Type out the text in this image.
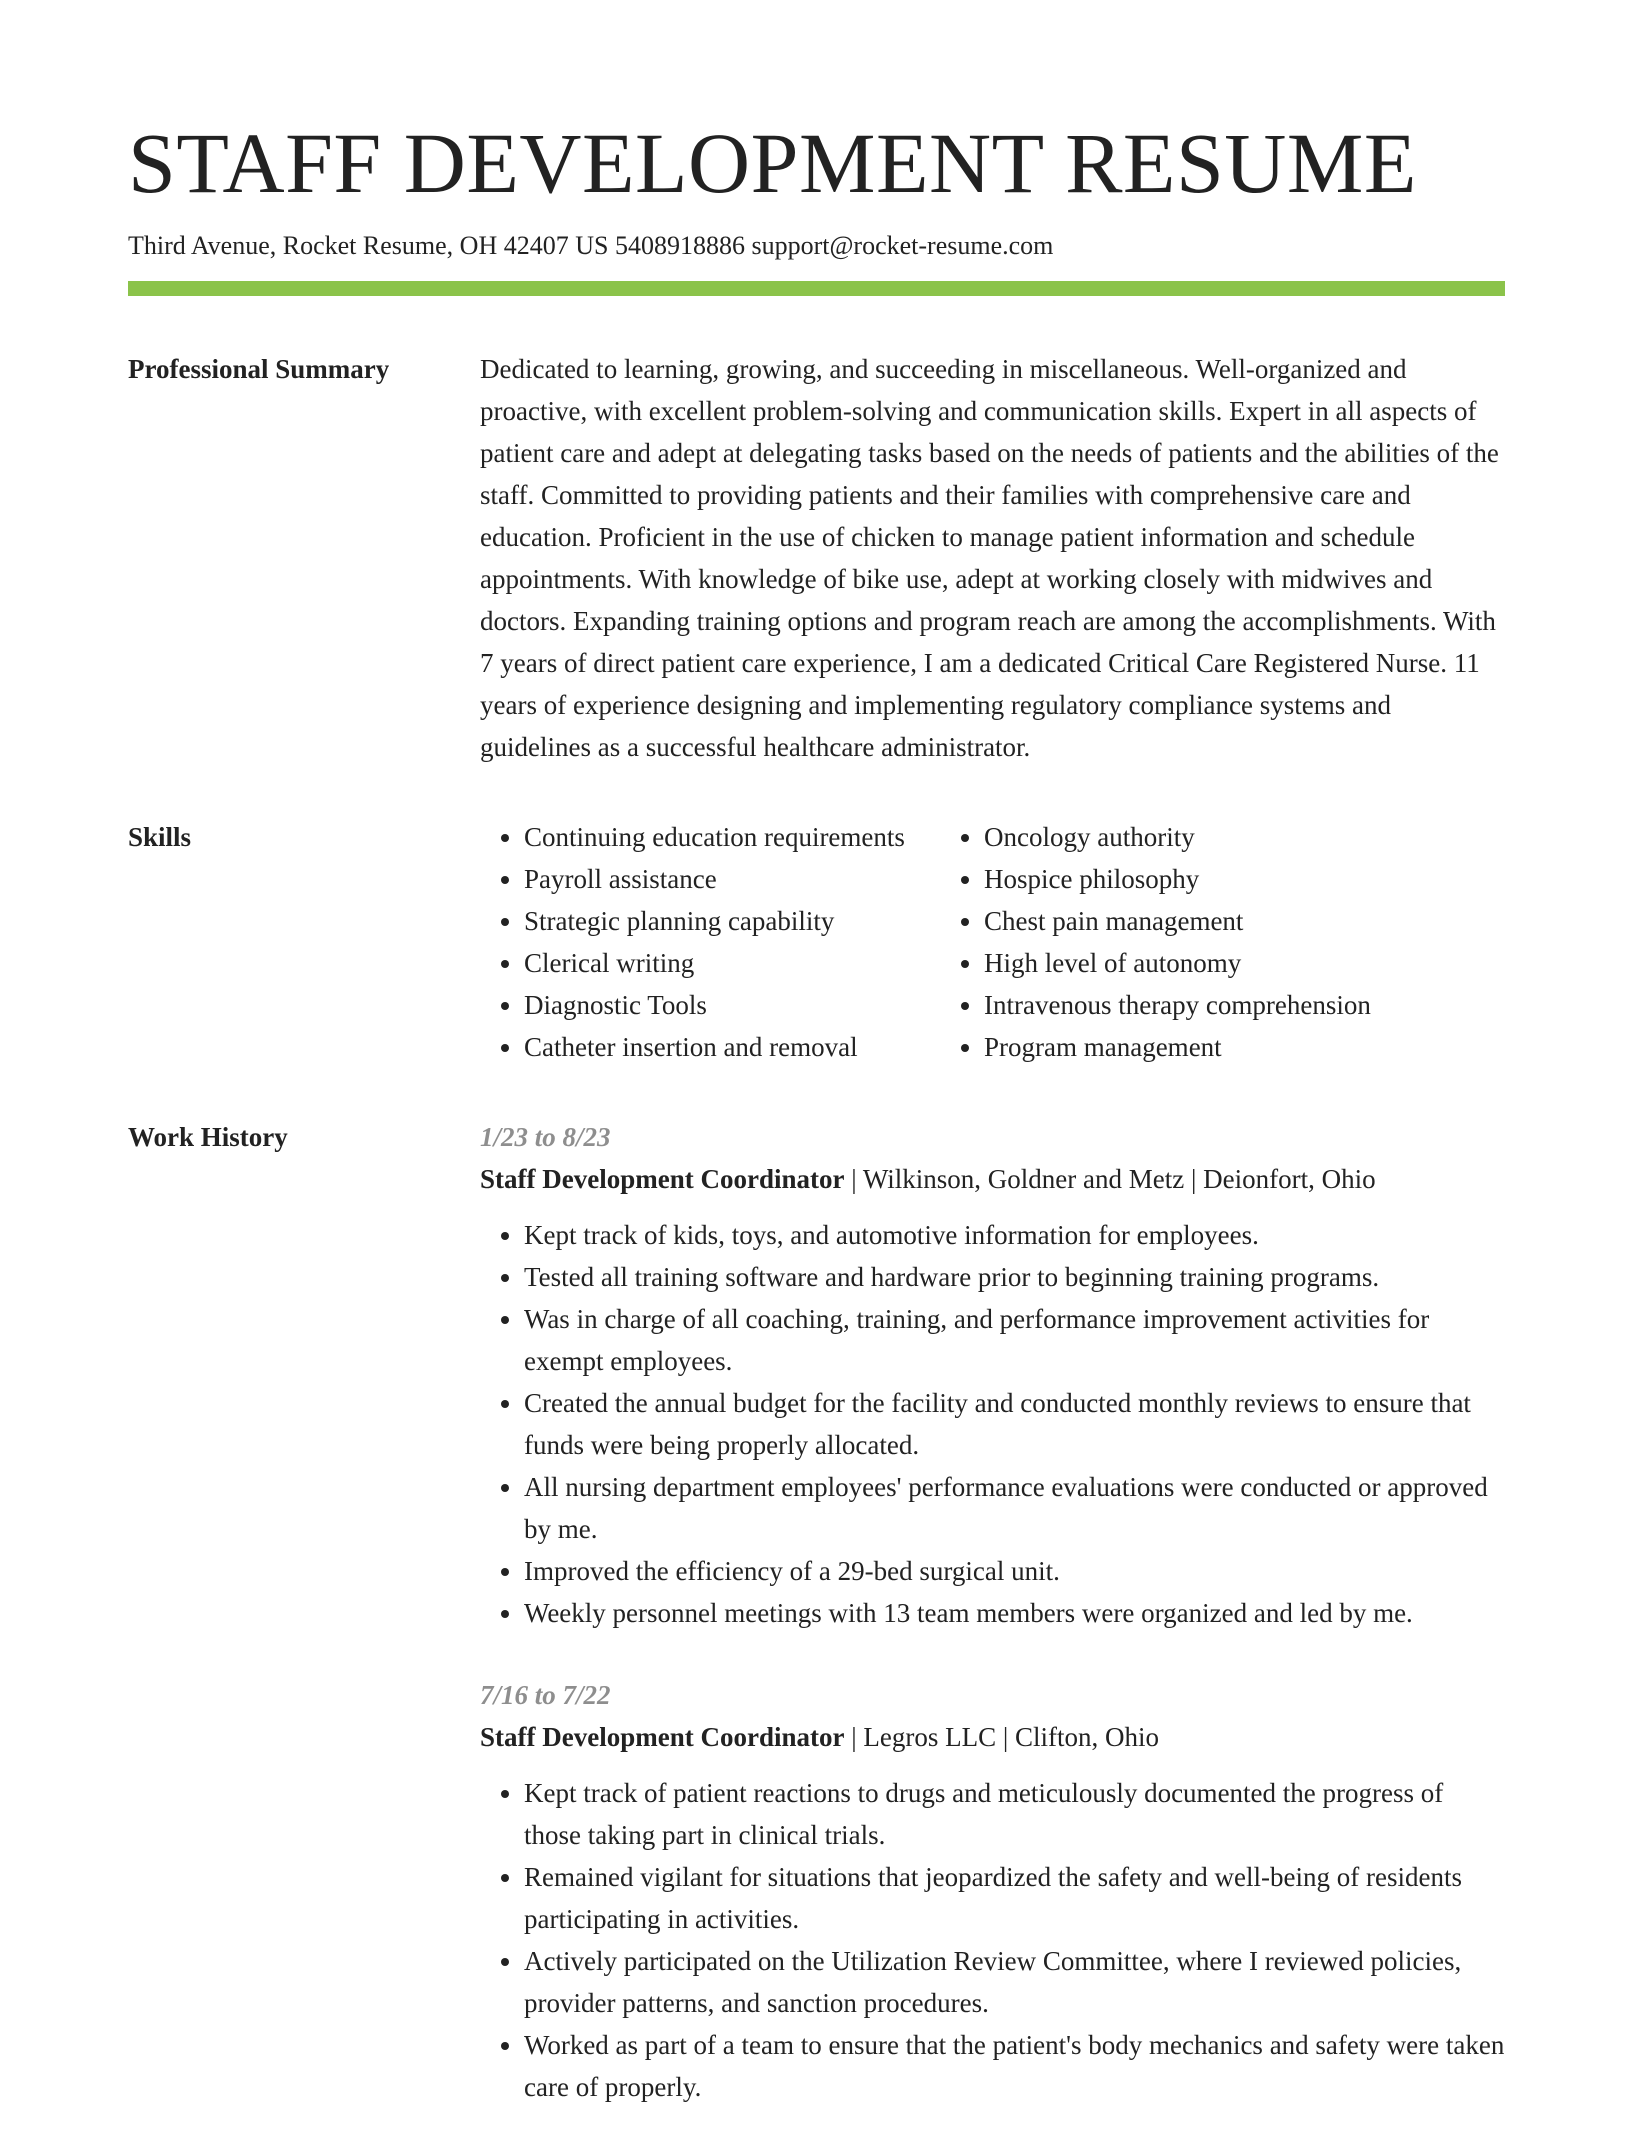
STAFF DEVELOPMENT RESUME
Third Avenue, Rocket Resume, OH 42407 US 5408918886 support@rocket-resume.com
Professional Summary	Dedicated to learning, growing, and succeeding in miscellaneous. Well-organized and proactive, with excellent problem-solving and communication skills. Expert in all aspects of patient care and adept at delegating tasks based on the needs of patients and the abilities of the staff. Committed to providing patients and their families with comprehensive care and education. Proficient in the use of chicken to manage patient information and schedule appointments. With knowledge of bike use, adept at working closely with midwives and doctors. Expanding training options and program reach are among the accomplishments. With 7 years of direct patient care experience, I am a dedicated Critical Care Registered Nurse. 11 years of experience designing and implementing regulatory compliance systems and guidelines as a successful healthcare administrator.

Skills
•	Continuing education requirements
• Payroll assistance
• Strategic planning capability
• Clerical writing
• Diagnostic Tools
• Catheter insertion and removal
• Oncology authority
• Hospice philosophy
• Chest pain management
• High level of autonomy
• Intravenous therapy comprehension
• Program management
Work History	1/23 to 8/23
Staff Development Coordinator | Wilkinson, Goldner and Metz | Deionfort, Ohio
• Kept track of kids, toys, and automotive information for employees.
• Tested all training software and hardware prior to beginning training programs.
• Was in charge of all coaching, training, and performance improvement activities for exempt employees.
• Created the annual budget for the facility and conducted monthly reviews to ensure that funds were being properly allocated.
• All nursing department employees' performance evaluations were conducted or approved by me.
• Improved the efficiency of a 29-bed surgical unit.
• Weekly personnel meetings with 13 team members were organized and led by me.
7/16 to 7/22
Staff Development Coordinator | Legros LLC | Clifton, Ohio
• Kept track of patient reactions to drugs and meticulously documented the progress of those taking part in clinical trials.
• Remained vigilant for situations that jeopardized the safety and well-being of residents participating in activities.
• Actively participated on the Utilization Review Committee, where I reviewed policies, provider patterns, and sanction procedures.
• Worked as part of a team to ensure that the patient's body mechanics and safety were taken care of properly.
